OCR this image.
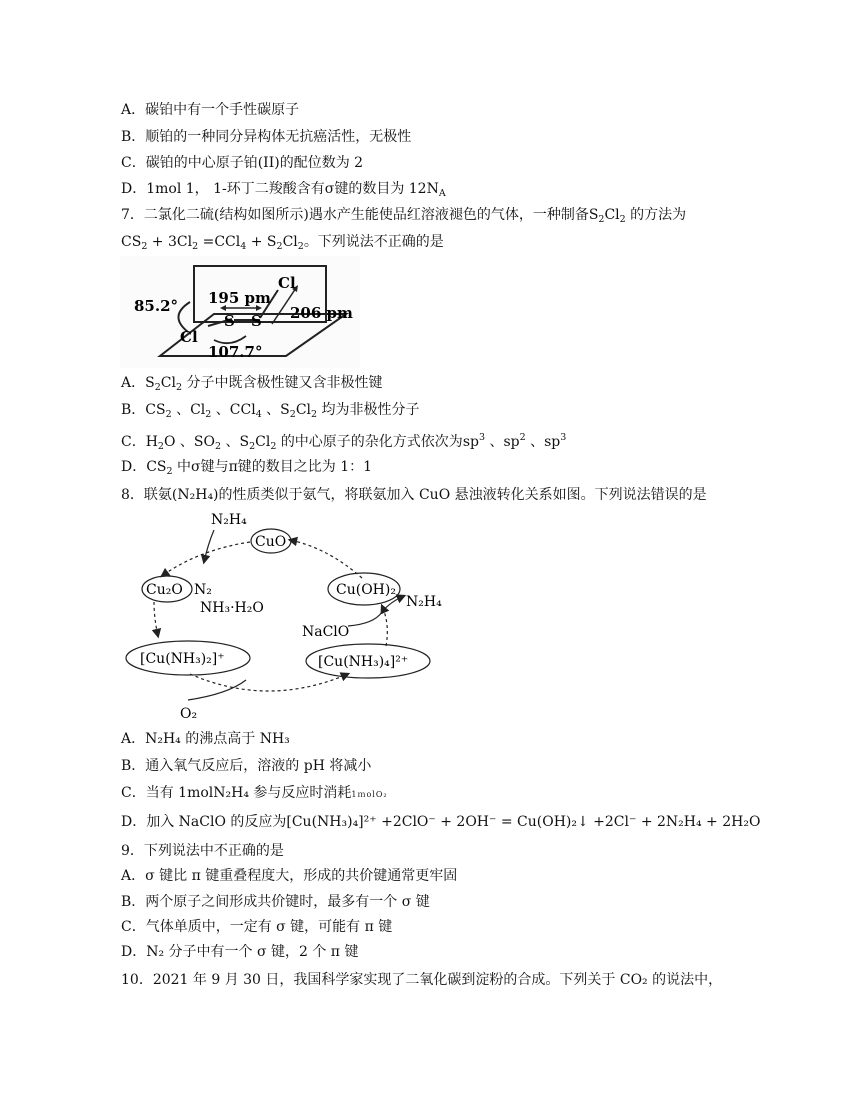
A．碳铂中有一个手性碳原子
B．顺铂的一种同分异构体无抗癌活性，无极性
C．碳铂的中心原子铂(II)的配位数为 2
D．1mol 1， 1-环丁二羧酸含有σ键的数目为 $12N_A$
7．二氯化二硫(结构如图所示)遇水产生能使品红溶液褪色的气体，一种制备$S_2Cl_2$ 的方法为
$CS_2 + 3Cl_2 =CCl_4 + S_2Cl_2$。下列说法不正确的是
85.2° 195 pm
Cl
206 pm
S S
Cl
107.7°
A．$S_2Cl_2$ 分子中既含极性键又含非极性键
B．$CS_2$ 、$Cl_2$ 、CCl$_4$ 、$S_2Cl_2$ 均为非极性分子
C．$H_2O$ 、$SO_2$ 、$S_2Cl_2$ 的中心原子的杂化方式依次为$sp^3$ 、$sp^2$ 、$sp^3$
D．$CS_2$ 中σ键与π键的数目之比为 1：1
8．联氨(N₂H₄)的性质类似于氨气，将联氨加入 CuO 悬浊液转化关系如图。下列说法错误的是
N₂H₄
CuO
Cu₂O N₂
NH₃·H₂O
Cu(OH)₂
N₂H₄
NaClO
[Cu(NH₃)₂]⁺	[Cu(NH₃)₄]²⁺
O₂
A．N₂H₄ 的沸点高于 NH₃
B．通入氧气反应后，溶液的 pH 将减小
C．当有 1molN₂H₄ 参与反应时消耗1ｍolO₂
D．加入 NaClO 的反应为[Cu(NH₃)₄]²⁺ +2ClO⁻ + 2OH⁻ = Cu(OH)₂↓ +2Cl⁻ + 2N₂H₄ + 2H₂O
9．下列说法中不正确的是
A．σ 键比 π 键重叠程度大，形成的共价键通常更牢固
B．两个原子之间形成共价键时，最多有一个 σ 键
C．气体单质中，一定有 σ 键，可能有 π 键
D．N₂ 分子中有一个 σ 键，2 个 π 键
10．2021 年 9 月 30 日，我国科学家实现了二氧化碳到淀粉的合成。下列关于 CO₂ 的说法中，
